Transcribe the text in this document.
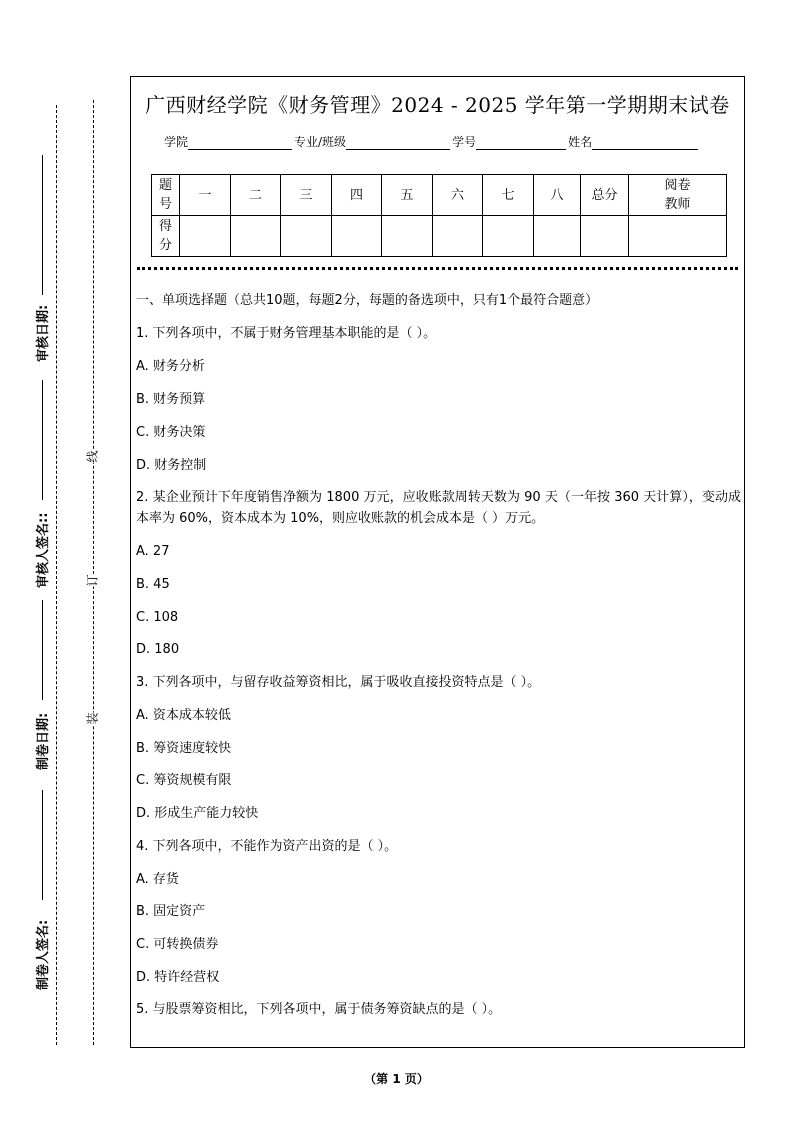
审核日期:
审核人签名::
制卷日期:
制卷人签名:
线
订
装
广西财经学院《财务管理》2024 - 2025 学年第一学期期末试卷
学院	专业/班级	学号	姓名
题号	一	二	三	四	五	六	七	八	总分	阅卷教师
得分										
一、单项选择题（总共10题，每题2分，每题的备选项中，只有1个最符合题意）
1. 下列各项中，不属于财务管理基本职能的是（ ）。
A. 财务分析
B. 财务预算
C. 财务决策
D. 财务控制
2. 某企业预计下年度销售净额为 1800 万元，应收账款周转天数为 90 天（一年按 360 天计算），变动成本率为 60%，资本成本为 10%，则应收账款的机会成本是（ ）万元。
A. 27
B. 45
C. 108
D. 180
3. 下列各项中，与留存收益筹资相比，属于吸收直接投资特点是（ ）。
A. 资本成本较低
B. 筹资速度较快
C. 筹资规模有限
D. 形成生产能力较快
4. 下列各项中，不能作为资产出资的是（ ）。
A. 存货
B. 固定资产
C. 可转换债券
D. 特许经营权
5. 与股票筹资相比，下列各项中，属于债务筹资缺点的是（ ）。
（第 1 页）
